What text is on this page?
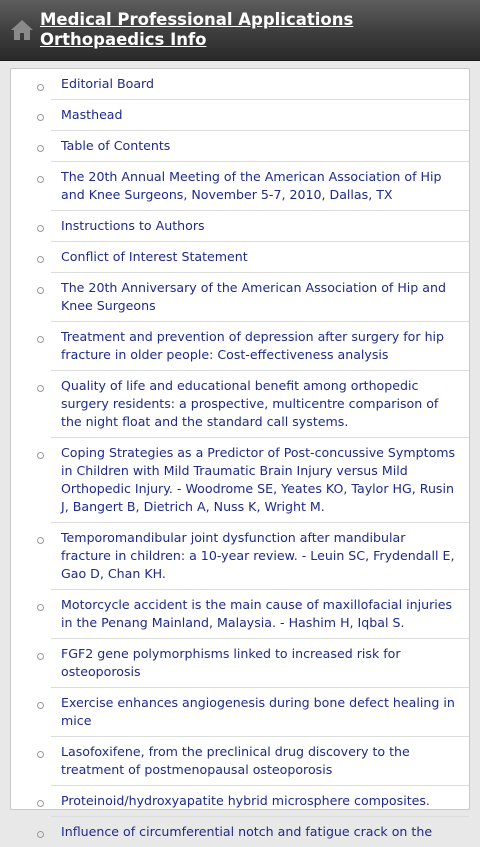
Medical Professional Applications
Orthopaedics Info
Editorial Board
Masthead
Table of Contents
The 20th Annual Meeting of the American Association of Hip and Knee Surgeons, November 5-7, 2010, Dallas, TX
Instructions to Authors
Conflict of Interest Statement
The 20th Anniversary of the American Association of Hip and Knee Surgeons
Treatment and prevention of depression after surgery for hip fracture in older people: Cost-effectiveness analysis
Quality of life and educational benefit among orthopedic surgery residents: a prospective, multicentre comparison of the night float and the standard call systems.
Coping Strategies as a Predictor of Post-concussive Symptoms in Children with Mild Traumatic Brain Injury versus Mild Orthopedic Injury. - Woodrome SE, Yeates KO, Taylor HG, Rusin J, Bangert B, Dietrich A, Nuss K, Wright M.
Temporomandibular joint dysfunction after mandibular fracture in children: a 10-year review. - Leuin SC, Frydendall E, Gao D, Chan KH.
Motorcycle accident is the main cause of maxillofacial injuries in the Penang Mainland, Malaysia. - Hashim H, Iqbal S.
FGF2 gene polymorphisms linked to increased risk for osteoporosis
Exercise enhances angiogenesis during bone defect healing in mice
Lasofoxifene, from the preclinical drug discovery to the treatment of postmenopausal osteoporosis
Proteinoid/hydroxyapatite hybrid microsphere composites.
Influence of circumferential notch and fatigue crack on the
